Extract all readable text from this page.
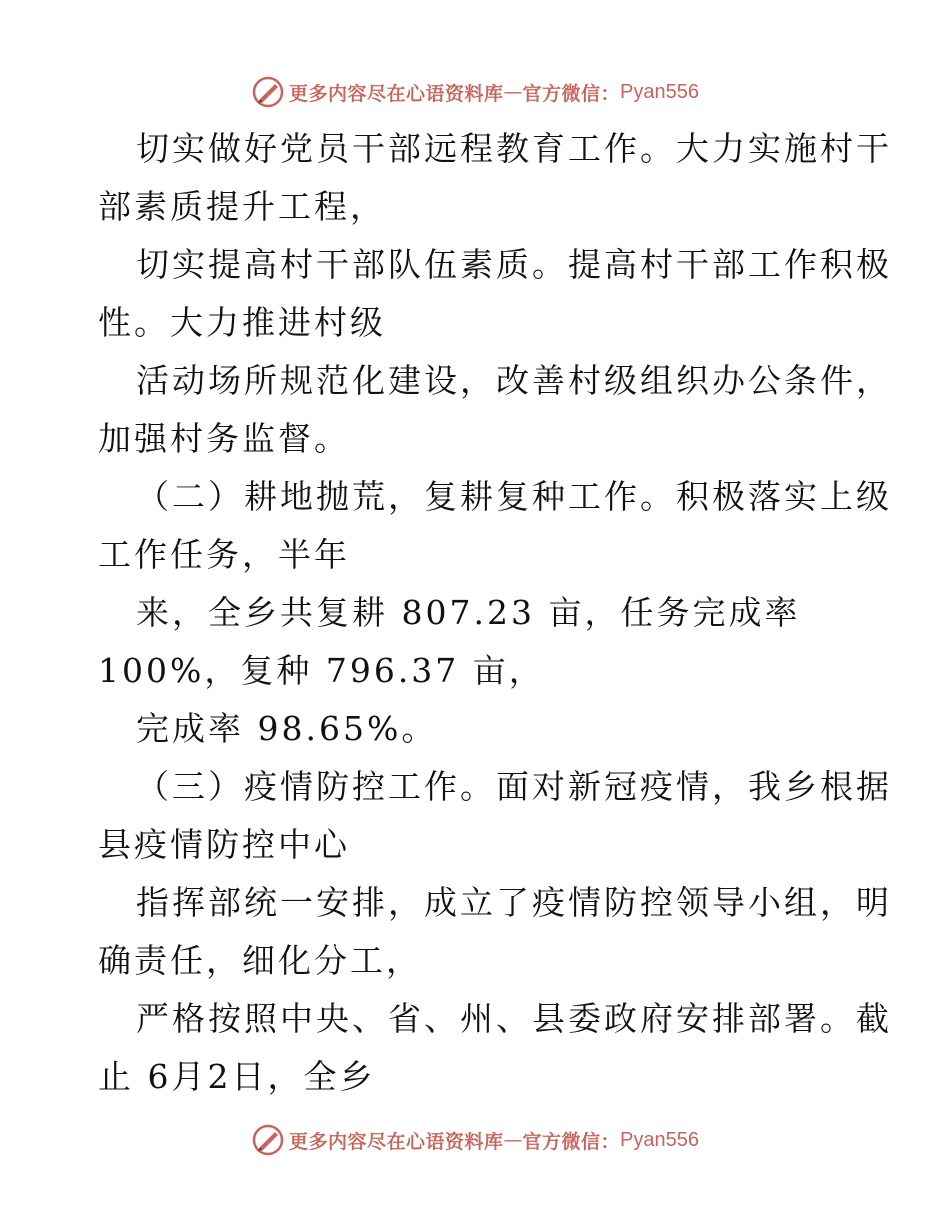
更多内容尽在心语资料库 — 官方微信： Pyan556
切实做好党员干部远程教育工作。大力实施村干
部素质提升工程，
切实提高村干部队伍素质。提高村干部工作积极
性。大力推进村级
活动场所规范化建设，改善村级组织办公条件，
加强村务监督。
（二）耕地抛荒，复耕复种工作。积极落实上级
工作任务，半年
来，全乡共复耕 807.23 亩，任务完成率
100%，复种 796.37 亩，
完成率 98.65%。
（三）疫情防控工作。面对新冠疫情，我乡根据
县疫情防控中心
指挥部统一安排，成立了疫情防控领导小组，明
确责任，细化分工，
严格按照中央、省、州、县委政府安排部署。截
止 6月2日，全乡
更多内容尽在心语资料库 — 官方微信： Pyan556
